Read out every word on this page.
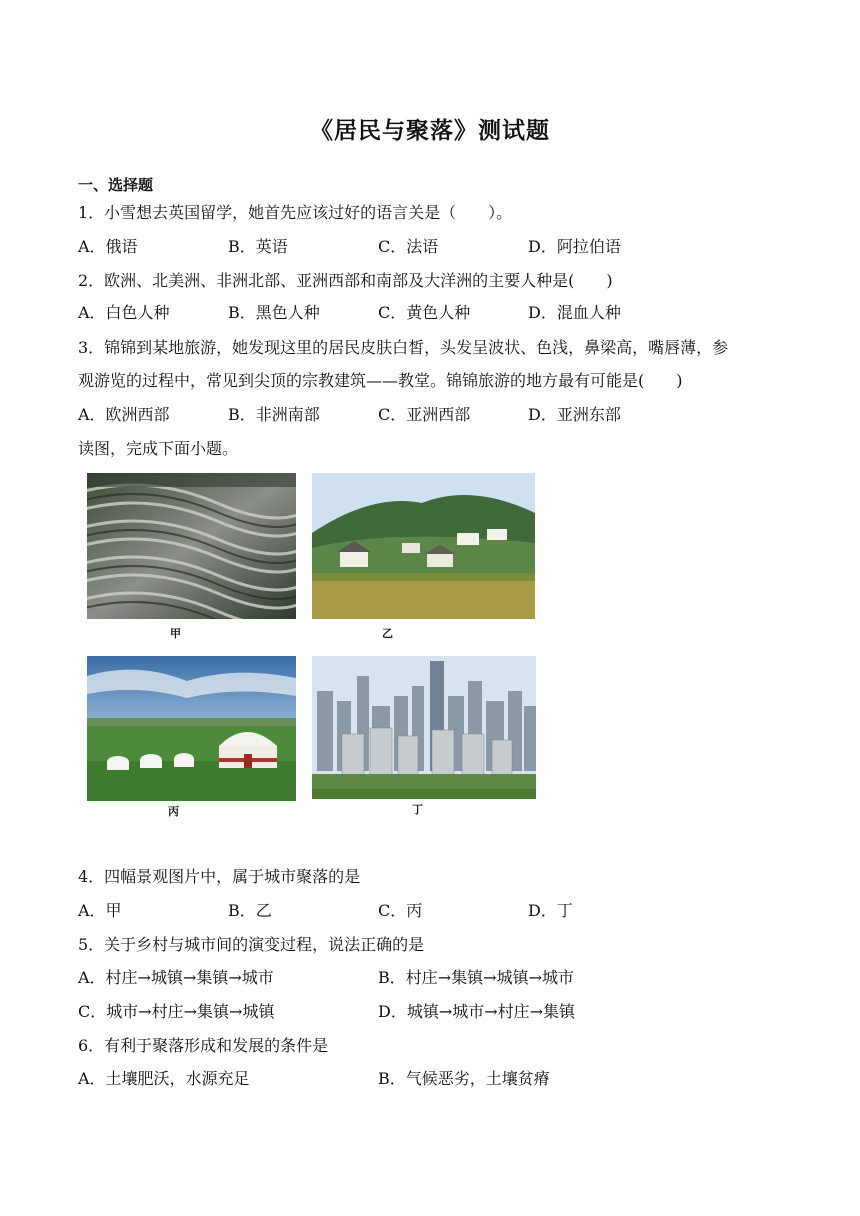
《居民与聚落》测试题
一、选择题
1．小雪想去英国留学，她首先应该过好的语言关是（　　）。
A．俄语	B．英语	C．法语	D．阿拉伯语
2．欧洲、北美洲、非洲北部、亚洲西部和南部及大洋洲的主要人种是(　　)
A．白色人种	B．黑色人种	C．黄色人种	D．混血人种
3．锦锦到某地旅游，她发现这里的居民皮肤白皙，头发呈波状、色浅，鼻梁高，嘴唇薄，参
观游览的过程中，常见到尖顶的宗教建筑——教堂。锦锦旅游的地方最有可能是(　　)
A．欧洲西部	B．非洲南部	C．亚洲西部	D．亚洲东部
读图，完成下面小题。
甲	乙
丙	丁
4．四幅景观图片中，属于城市聚落的是
A．甲	B．乙	C．丙	D．丁
5．关于乡村与城市间的演变过程，说法正确的是
A．村庄→城镇→集镇→城市	B．村庄→集镇→城镇→城市
C．城市→村庄→集镇→城镇	D．城镇→城市→村庄→集镇
6．有利于聚落形成和发展的条件是
A．土壤肥沃，水源充足	B．气候恶劣，土壤贫瘠
